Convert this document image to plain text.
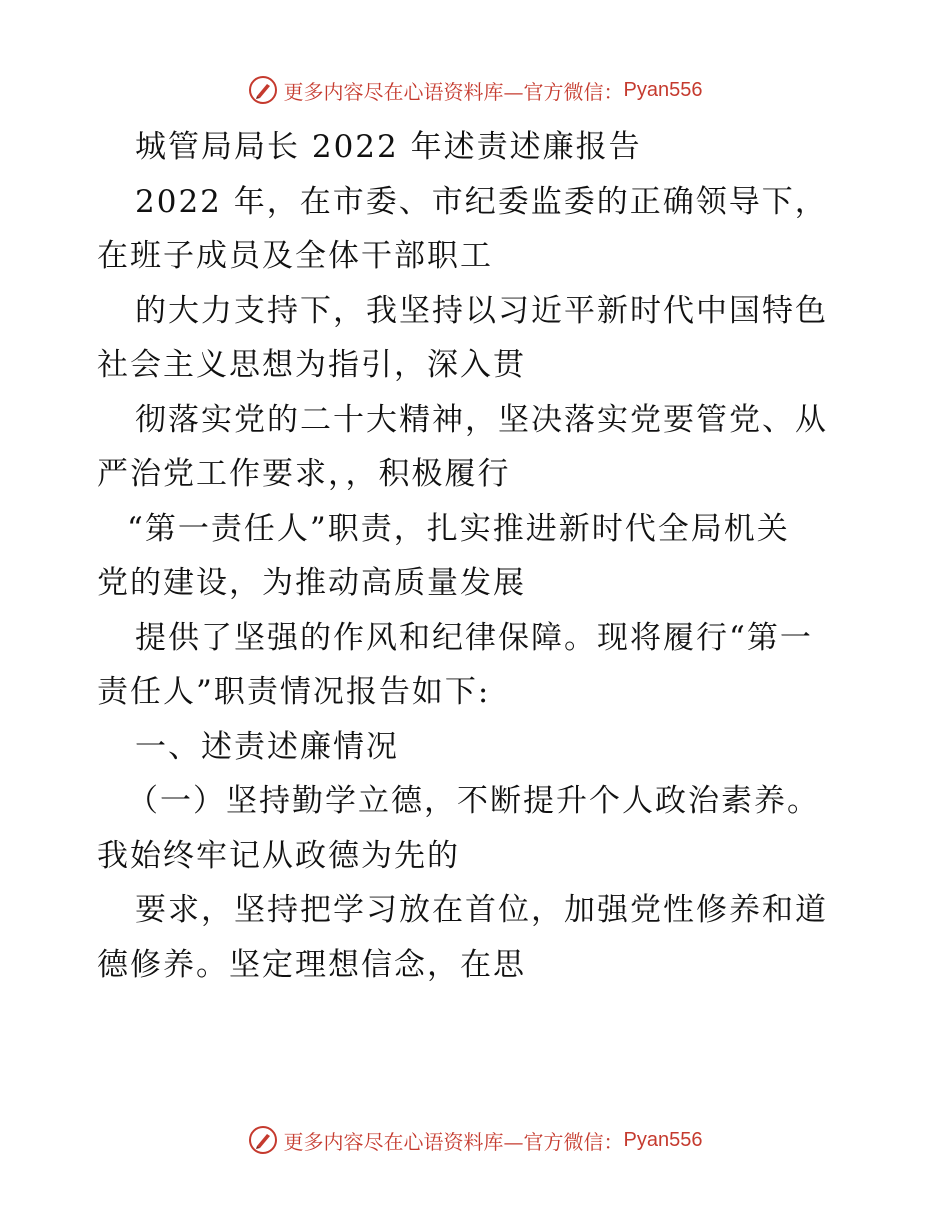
更多内容尽在心语资料库—官方微信： Pyan556
城管局局长 2022 年述责述廉报告
2022 年，在市委、市纪委监委的正确领导下，
在班子成员及全体干部职工
的大力支持下，我坚持以习近平新时代中国特色
社会主义思想为指引，深入贯
彻落实党的二十大精神，坚决落实党要管党、从
严治党工作要求，，积极履行
“第一责任人”职责，扎实推进新时代全局机关
党的建设，为推动高质量发展
提供了坚强的作风和纪律保障。现将履行“第一
责任人”职责情况报告如下:
一、述责述廉情况
（一）坚持勤学立德，不断提升个人政治素养。
我始终牢记从政德为先的
要求，坚持把学习放在首位，加强党性修养和道
德修养。坚定理想信念，在思
更多内容尽在心语资料库—官方微信： Pyan556
